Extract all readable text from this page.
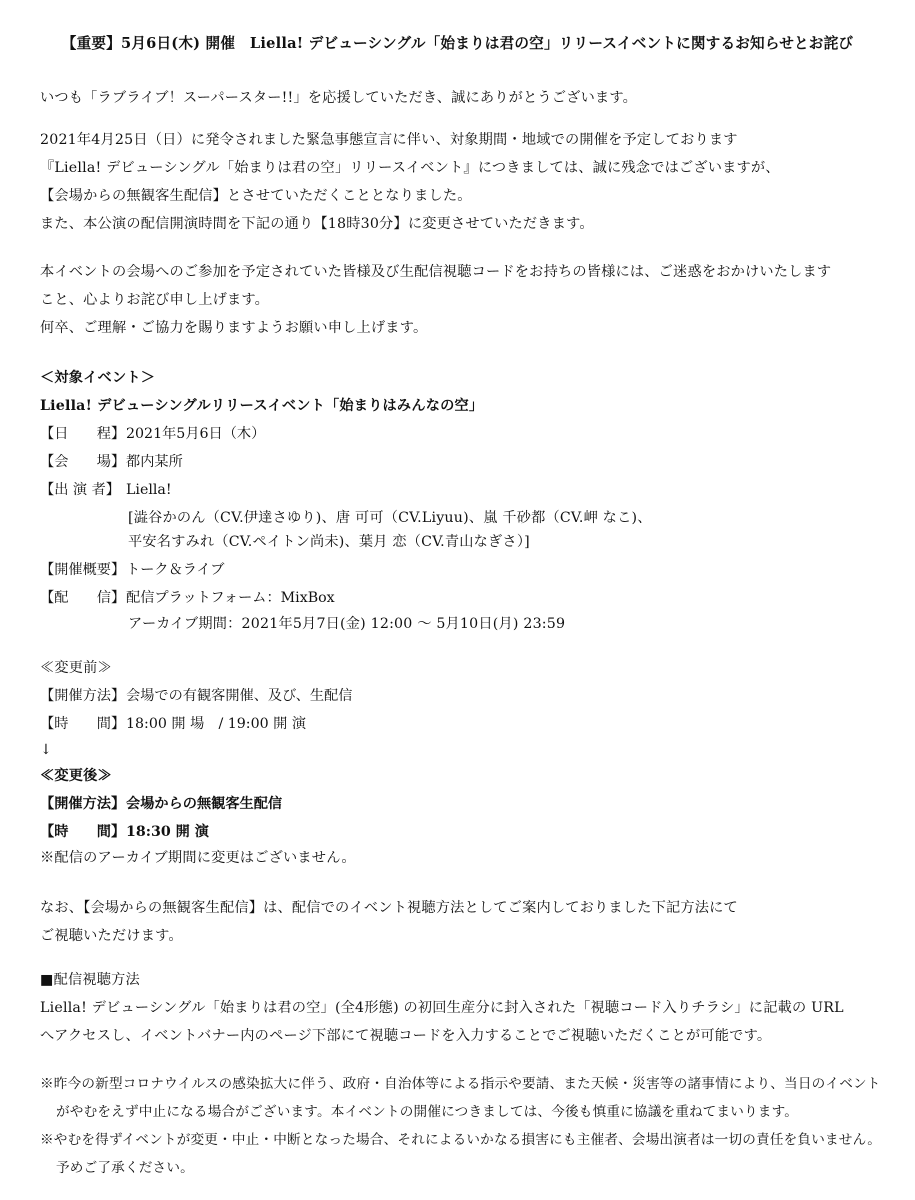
【重要】5月6日(木) 開催　Liella! デビューシングル「始まりは君の空」リリースイベントに関するお知らせとお詫び
いつも「ラブライブ！スーパースター!!」を応援していただき、誠にありがとうございます。
2021年4月25日（日）に発令されました緊急事態宣言に伴い、対象期間・地域での開催を予定しております
『Liella! デビューシングル「始まりは君の空」リリースイベント』につきましては、誠に残念ではございますが、
【会場からの無観客生配信】とさせていただくこととなりました。
また、本公演の配信開演時間を下記の通り【18時30分】に変更させていただきます。
本イベントの会場へのご参加を予定されていた皆様及び生配信視聴コードをお持ちの皆様には、ご迷惑をおかけいたします
こと、心よりお詫び申し上げます。
何卒、ご理解・ご協力を賜りますようお願い申し上げます。
＜対象イベント＞
Liella! デビューシングルリリースイベント「始まりはみんなの空」
【日　　程】2021年5月6日（木）
【会　　場】都内某所
【出 演 者】 Liella!
[澁谷かのん（CV.伊達さゆり)、唐 可可（CV.Liyuu)、嵐 千砂都（CV.岬 なこ)、
平安名すみれ（CV.ペイトン尚未)、葉月 恋（CV.青山なぎさ）]
【開催概要】トーク＆ライブ
【配　　信】配信プラットフォーム：MixBox
アーカイブ期間：2021年5月7日(金) 12:00 ～ 5月10日(月) 23:59
≪変更前≫
【開催方法】会場での有観客開催、及び、生配信
【時　　間】18:00 開 場　/ 19:00 開 演
↓
≪変更後≫
【開催方法】会場からの無観客生配信
【時　　間】18:30 開 演
※配信のアーカイブ期間に変更はございません。
なお、【会場からの無観客生配信】は、配信でのイベント視聴方法としてご案内しておりました下記方法にて
ご視聴いただけます。
■配信視聴方法
Liella! デビューシングル「始まりは君の空」(全4形態) の初回生産分に封入された「視聴コード入りチラシ」に記載の URL
へアクセスし、イベントバナー内のページ下部にて視聴コードを入力することでご視聴いただくことが可能です。
※昨今の新型コロナウイルスの感染拡大に伴う、政府・自治体等による指示や要請、また天候・災害等の諸事情により、当日のイベント
がやむをえず中止になる場合がございます。本イベントの開催につきましては、今後も慎重に協議を重ねてまいります。
※やむを得ずイベントが変更・中止・中断となった場合、それによるいかなる損害にも主催者、会場出演者は一切の責任を負いません。
予めご了承ください。
